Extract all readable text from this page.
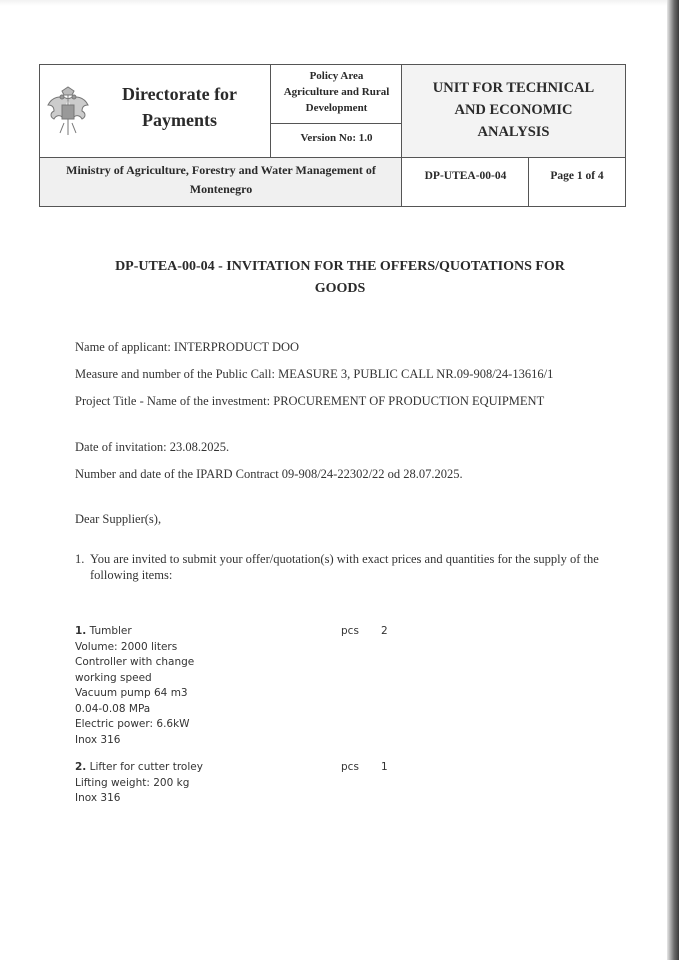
Directorate for
Payments
Policy Area
Agriculture and Rural
Development
Version No: 1.0
UNIT FOR TECHNICAL
AND ECONOMIC
ANALYSIS
Ministry of Agriculture, Forestry and Water Management of
Montenegro
DP-UTEA-00-04	Page 1 of 4
DP-UTEA-00-04 - INVITATION FOR THE OFFERS/QUOTATIONS FOR
GOODS
Name of applicant: INTERPRODUCT DOO
Measure and number of the Public Call: MEASURE 3, PUBLIC CALL NR.09-908/24-13616/1
Project Title - Name of the investment: PROCUREMENT OF PRODUCTION EQUIPMENT
Date of invitation: 23.08.2025.
Number and date of the IPARD Contract 09-908/24-22302/22 od 28.07.2025.
Dear Supplier(s),
1. You are invited to submit your offer/quotation(s) with exact prices and quantities for the supply of the following items:
1. Tumbler
Volume: 2000 liters
Controller with change
working speed
Vacuum pump 64 m3
0.04-0.08 MPa
Electric power: 6.6kW
Inox 316
pcs 2
2. Lifter for cutter troley
Lifting weight: 200 kg
Inox 316
pcs 1
